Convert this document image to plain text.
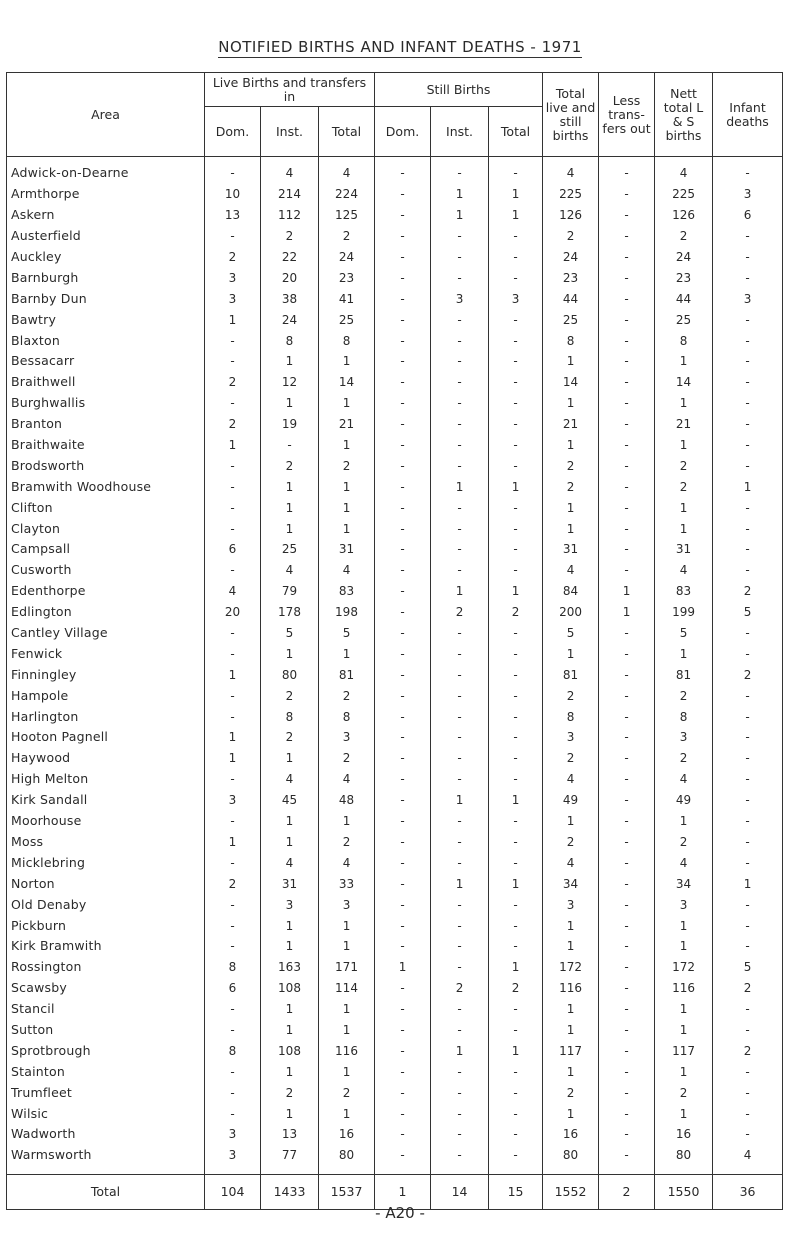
NOTIFIED BIRTHS AND INFANT DEATHS - 1971
Area	Live Births and transfers in			Still Births			Total live and still births	Less trans-fers out	Nett total L & S births	Infant deaths
	Dom.	Inst.	Total	Dom.	Inst.	Total				
Adwick-on-Dearne	-	4	4	-	-	-	4	-	4	-
Armthorpe	10	214	224	-	1	1	225	-	225	3
Askern	13	112	125	-	1	1	126	-	126	6
Austerfield	-	2	2	-	-	-	2	-	2	-
Auckley	2	22	24	-	-	-	24	-	24	-
Barnburgh	3	20	23	-	-	-	23	-	23	-
Barnby Dun	3	38	41	-	3	3	44	-	44	3
Bawtry	1	24	25	-	-	-	25	-	25	-
Blaxton	-	8	8	-	-	-	8	-	8	-
Bessacarr	-	1	1	-	-	-	1	-	1	-
Braithwell	2	12	14	-	-	-	14	-	14	-
Burghwallis	-	1	1	-	-	-	1	-	1	-
Branton	2	19	21	-	-	-	21	-	21	-
Braithwaite	1	-	1	-	-	-	1	-	1	-
Brodsworth	-	2	2	-	-	-	2	-	2	-
Bramwith Woodhouse	-	1	1	-	1	1	2	-	2	1
Clifton	-	1	1	-	-	-	1	-	1	-
Clayton	-	1	1	-	-	-	1	-	1	-
Campsall	6	25	31	-	-	-	31	-	31	-
Cusworth	-	4	4	-	-	-	4	-	4	-
Edenthorpe	4	79	83	-	1	1	84	1	83	2
Edlington	20	178	198	-	2	2	200	1	199	5
Cantley Village	-	5	5	-	-	-	5	-	5	-
Fenwick	-	1	1	-	-	-	1	-	1	-
Finningley	1	80	81	-	-	-	81	-	81	2
Hampole	-	2	2	-	-	-	2	-	2	-
Harlington	-	8	8	-	-	-	8	-	8	-
Hooton Pagnell	1	2	3	-	-	-	3	-	3	-
Haywood	1	1	2	-	-	-	2	-	2	-
High Melton	-	4	4	-	-	-	4	-	4	-
Kirk Sandall	3	45	48	-	1	1	49	-	49	-
Moorhouse	-	1	1	-	-	-	1	-	1	-
Moss	1	1	2	-	-	-	2	-	2	-
Micklebring	-	4	4	-	-	-	4	-	4	-
Norton	2	31	33	-	1	1	34	-	34	1
Old Denaby	-	3	3	-	-	-	3	-	3	-
Pickburn	-	1	1	-	-	-	1	-	1	-
Kirk Bramwith	-	1	1	-	-	-	1	-	1	-
Rossington	8	163	171	1	-	1	172	-	172	5
Scawsby	6	108	114	-	2	2	116	-	116	2
Stancil	-	1	1	-	-	-	1	-	1	-
Sutton	-	1	1	-	-	-	1	-	1	-
Sprotbrough	8	108	116	-	1	1	117	-	117	2
Stainton	-	1	1	-	-	-	1	-	1	-
Trumfleet	-	2	2	-	-	-	2	-	2	-
Wilsic	-	1	1	-	-	-	1	-	1	-
Wadworth	3	13	16	-	-	-	16	-	16	-
Warmsworth	3	77	80	-	-	-	80	-	80	4
Total	104	1433	1537	1	14	15	1552	2	1550	36
- A20 -
